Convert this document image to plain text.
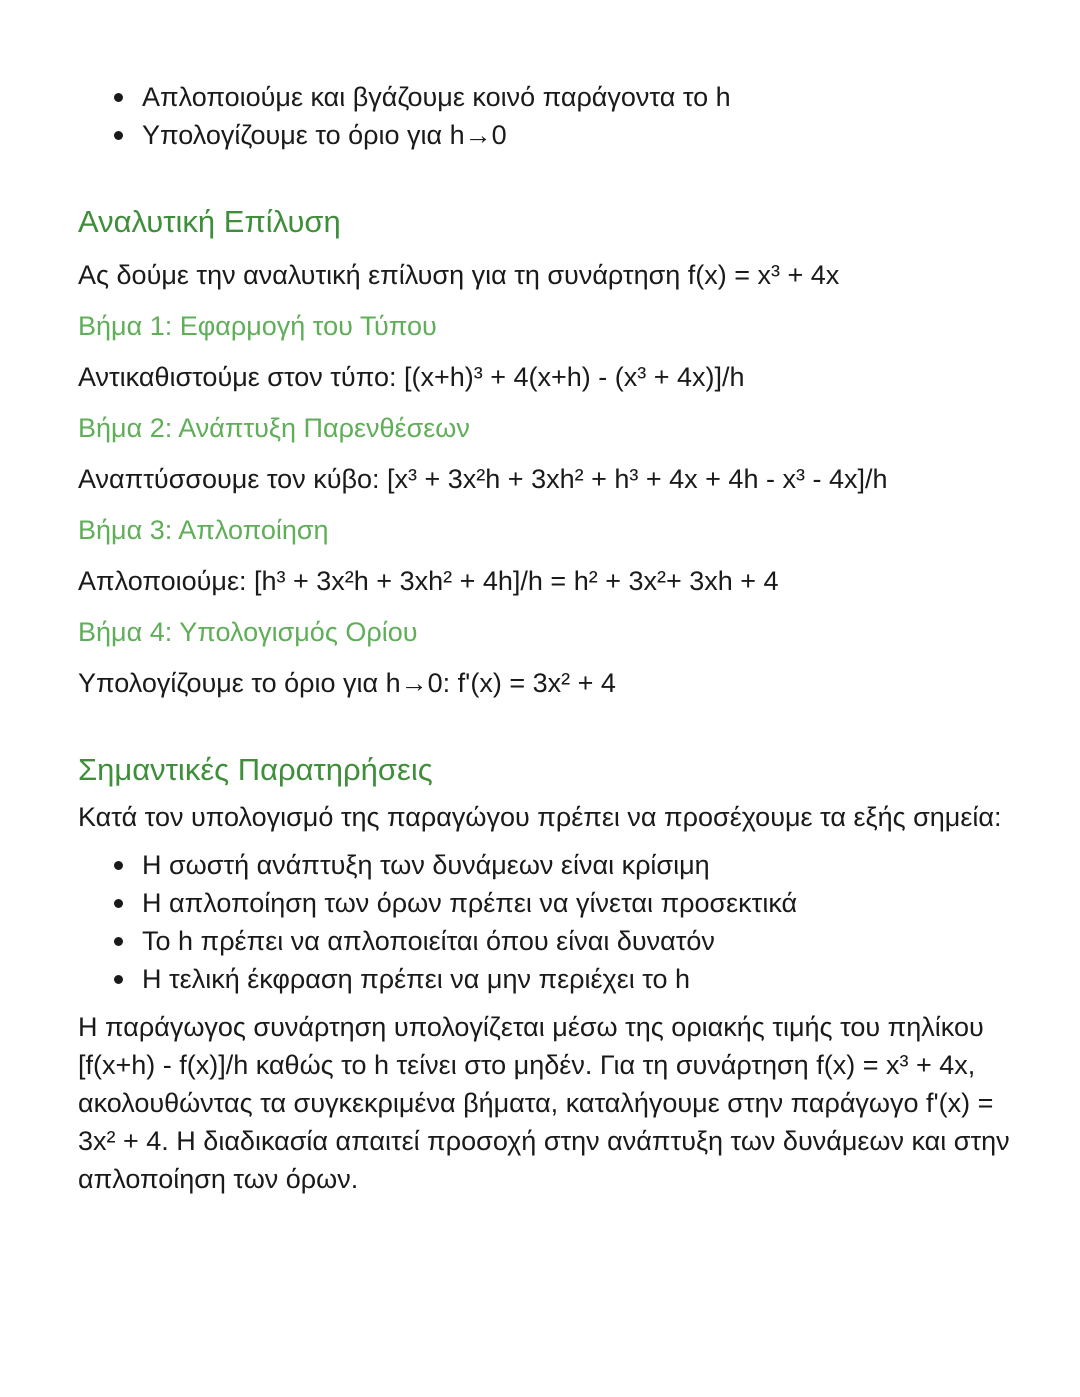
Απλοποιούμε και βγάζουμε κοινό παράγοντα το h
Υπολογίζουμε το όριο για h→0
Αναλυτική Επίλυση
Ας δούμε την αναλυτική επίλυση για τη συνάρτηση f(x) = x³ + 4x
Βήμα 1: Εφαρμογή του Τύπου
Αντικαθιστούμε στον τύπο: [(x+h)³ + 4(x+h) - (x³ + 4x)]/h
Βήμα 2: Ανάπτυξη Παρενθέσεων
Αναπτύσσουμε τον κύβο: [x³ + 3x²h + 3xh² + h³ + 4x + 4h - x³ - 4x]/h
Βήμα 3: Απλοποίηση
Απλοποιούμε: [h³ + 3x²h + 3xh² + 4h]/h = h² + 3x²+ 3xh + 4
Βήμα 4: Υπολογισμός Ορίου
Υπολογίζουμε το όριο για h→0: f'(x) = 3x² + 4
Σημαντικές Παρατηρήσεις
Κατά τον υπολογισμό της παραγώγου πρέπει να προσέχουμε τα εξής σημεία:
Η σωστή ανάπτυξη των δυνάμεων είναι κρίσιμη
Η απλοποίηση των όρων πρέπει να γίνεται προσεκτικά
Το h πρέπει να απλοποιείται όπου είναι δυνατόν
Η τελική έκφραση πρέπει να μην περιέχει το h
Η παράγωγος συνάρτηση υπολογίζεται μέσω της οριακής τιμής του πηλίκου [f(x+h) - f(x)]/h καθώς το h τείνει στο μηδέν. Για τη συνάρτηση f(x) = x³ + 4x, ακολουθώντας τα συγκεκριμένα βήματα, καταλήγουμε στην παράγωγο f'(x) = 3x² + 4. Η διαδικασία απαιτεί προσοχή στην ανάπτυξη των δυνάμεων και στην απλοποίηση των όρων.
